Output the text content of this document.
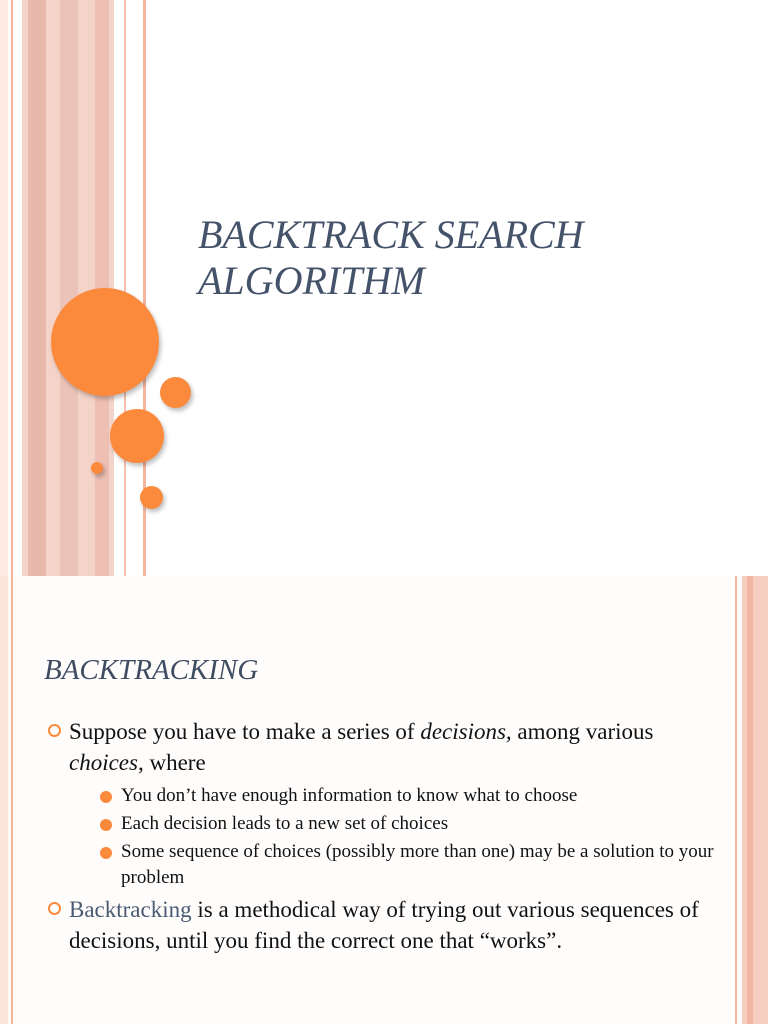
BACKTRACK SEARCH
ALGORITHM
BACKTRACKING
Suppose you have to make a series of decisions, among various choices, where
You don’t have enough information to know what to choose
Each decision leads to a new set of choices
Some sequence of choices (possibly more than one) may be a solution to your problem
Backtracking is a methodical way of trying out various sequences of decisions, until you find the correct one that “works”.
